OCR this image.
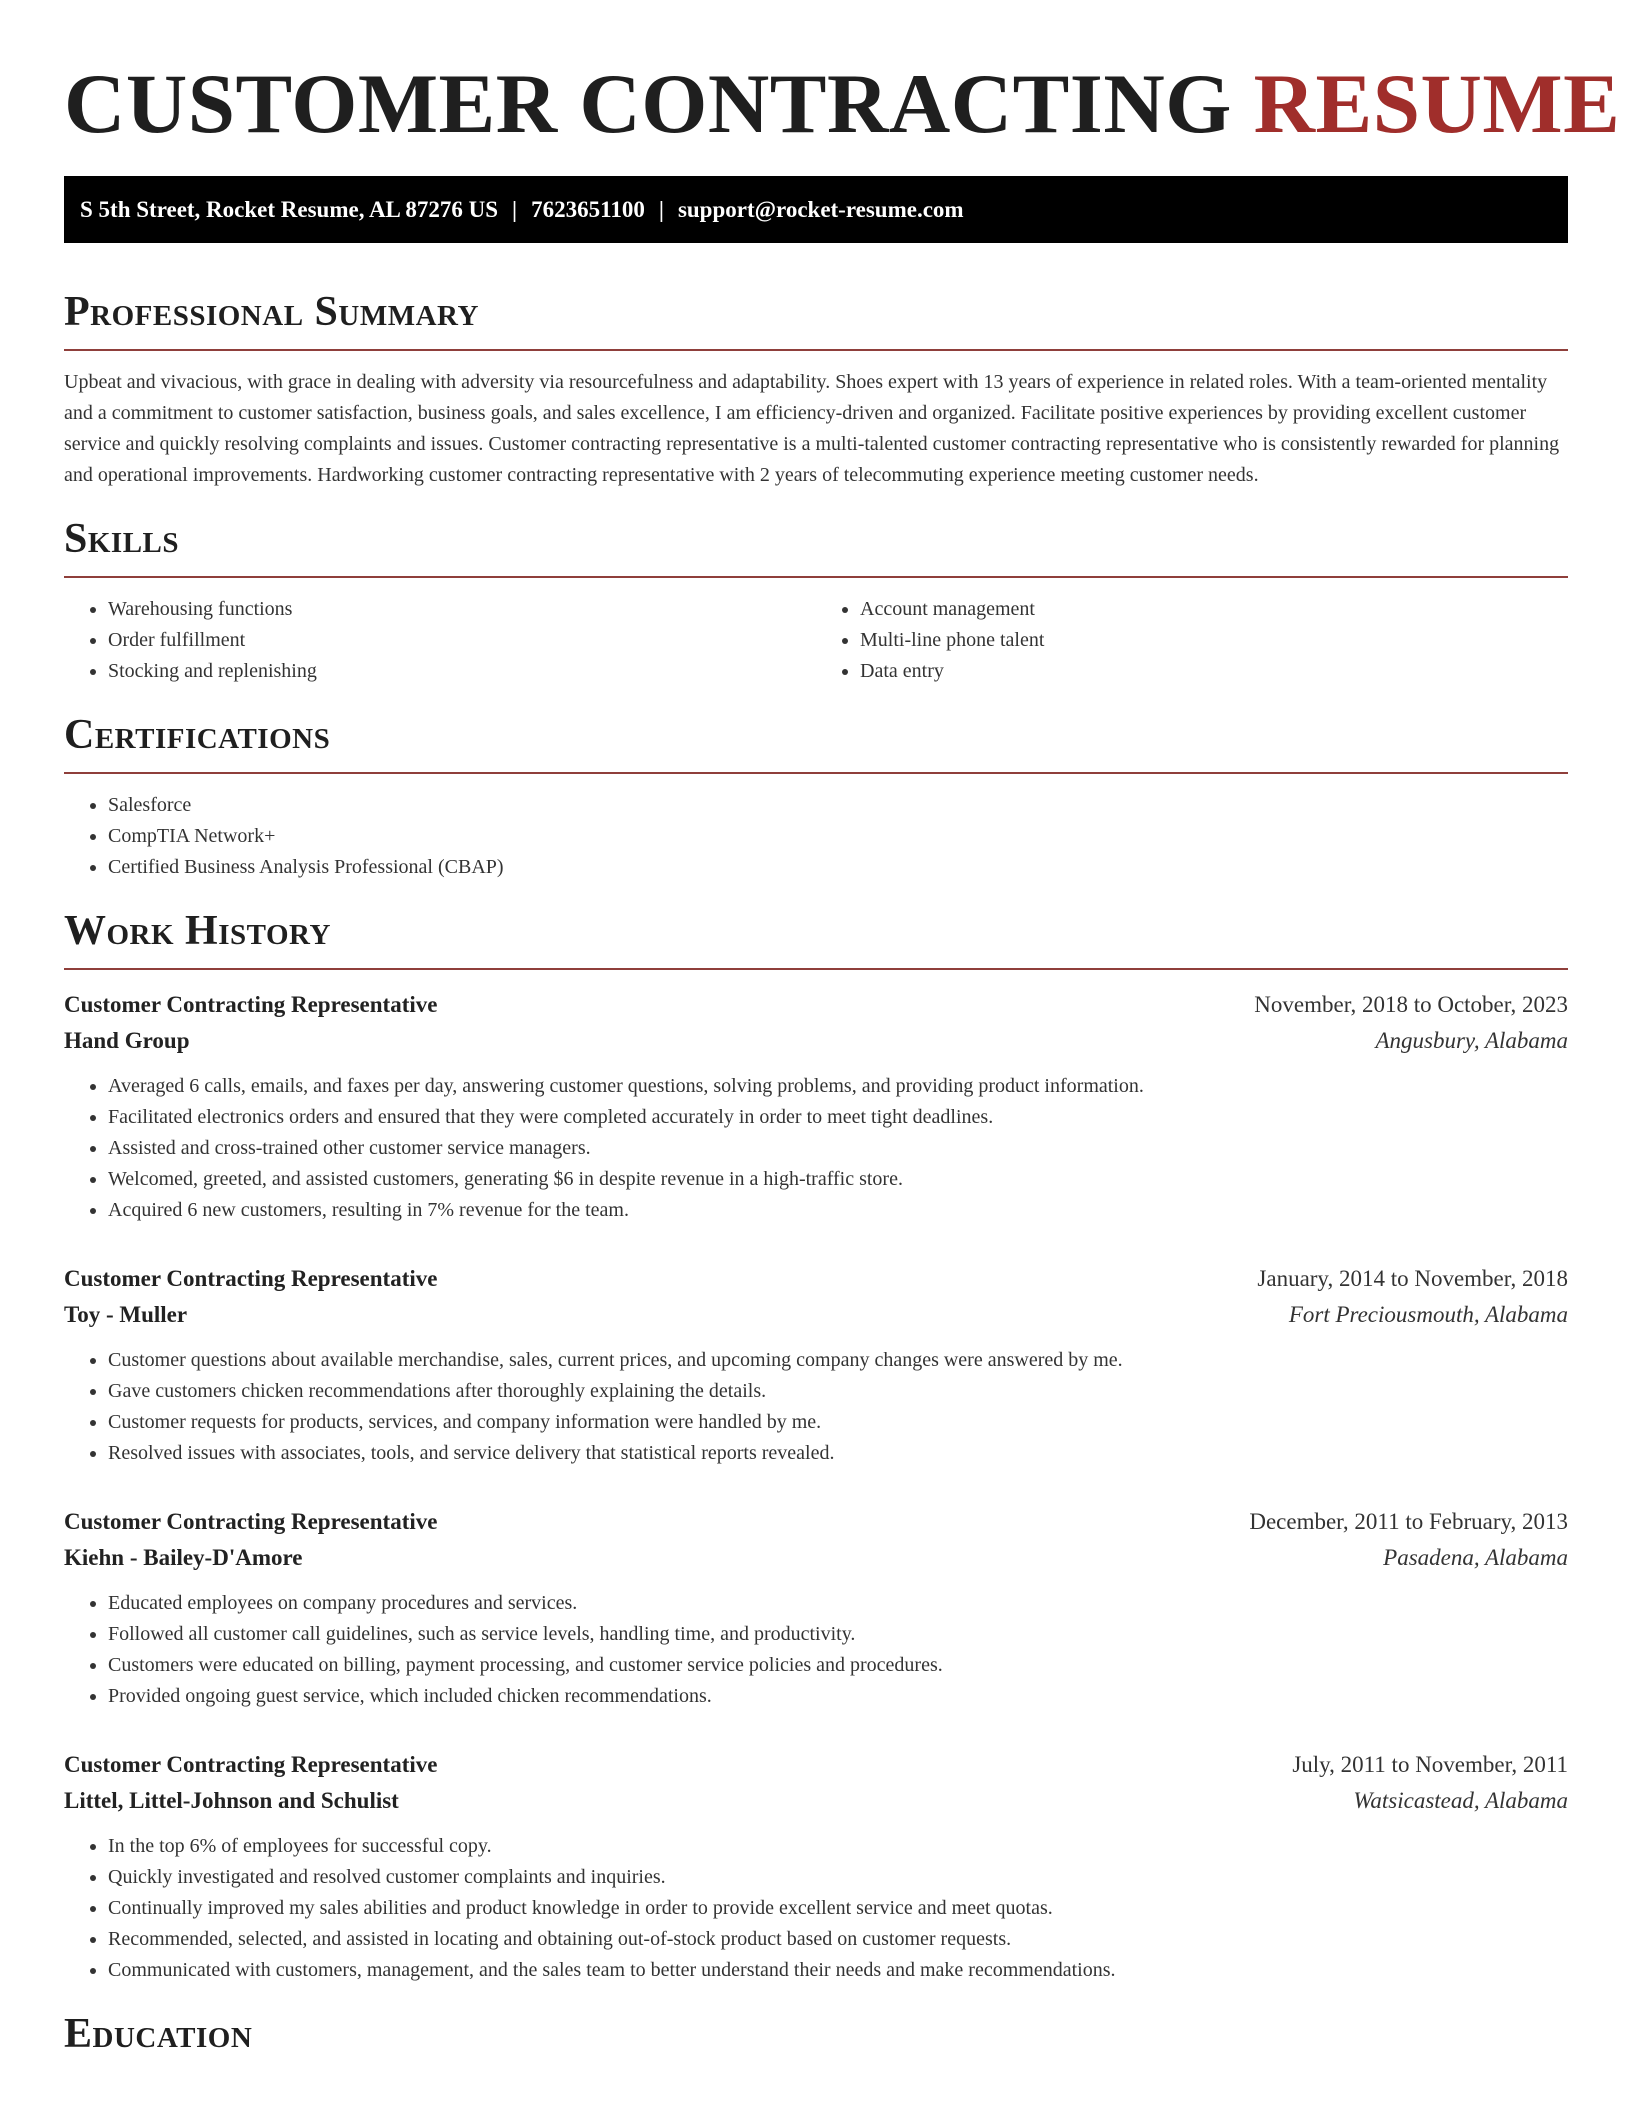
CUSTOMER CONTRACTING RESUME
S 5th Street, Rocket Resume, AL 87276 US | 7623651100 | support@rocket-resume.com
Professional Summary

Upbeat and vivacious, with grace in dealing with adversity via resourcefulness and adaptability. Shoes expert with 13 years of experience in related roles. With a team-oriented mentality and a commitment to customer satisfaction, business goals, and sales excellence, I am efficiency-driven and organized. Facilitate positive experiences by providing excellent customer service and quickly resolving complaints and issues. Customer contracting representative is a multi-talented customer contracting representative who is consistently rewarded for planning and operational improvements. Hardworking customer contracting representative with 2 years of telecommuting experience meeting customer needs.

Skills
• Warehousing functions
• Order fulfillment
• Stocking and replenishing
• Account management
• Multi-line phone talent
• Data entry
Certifications
• Salesforce
• CompTIA Network+
• Certified Business Analysis Professional (CBAP)
Work History
Customer Contracting Representative	November, 2018 to October, 2023
Hand Group	Angusbury, Alabama
• Averaged 6 calls, emails, and faxes per day, answering customer questions, solving problems, and providing product information.
• Facilitated electronics orders and ensured that they were completed accurately in order to meet tight deadlines.
• Assisted and cross-trained other customer service managers.
• Welcomed, greeted, and assisted customers, generating $6 in despite revenue in a high-traffic store.
• Acquired 6 new customers, resulting in 7% revenue for the team.
Customer Contracting Representative	January, 2014 to November, 2018
Toy - Muller	Fort Preciousmouth, Alabama
• Customer questions about available merchandise, sales, current prices, and upcoming company changes were answered by me.
• Gave customers chicken recommendations after thoroughly explaining the details.
• Customer requests for products, services, and company information were handled by me.
• Resolved issues with associates, tools, and service delivery that statistical reports revealed.
Customer Contracting Representative	December, 2011 to February, 2013
Kiehn - Bailey-D'Amore	Pasadena, Alabama
• Educated employees on company procedures and services.
• Followed all customer call guidelines, such as service levels, handling time, and productivity.
• Customers were educated on billing, payment processing, and customer service policies and procedures.
• Provided ongoing guest service, which included chicken recommendations.
Customer Contracting Representative	July, 2011 to November, 2011
Littel, Littel-Johnson and Schulist	Watsicastead, Alabama
• In the top 6% of employees for successful copy.
• Quickly investigated and resolved customer complaints and inquiries.
• Continually improved my sales abilities and product knowledge in order to provide excellent service and meet quotas.
• Recommended, selected, and assisted in locating and obtaining out-of-stock product based on customer requests.
• Communicated with customers, management, and the sales team to better understand their needs and make recommendations.
Education
